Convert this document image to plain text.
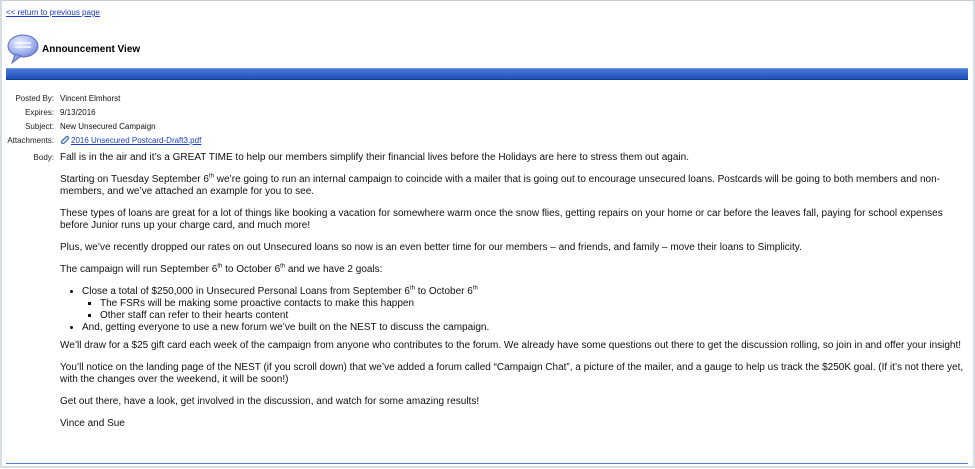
<< return to previous page
Announcement View
Posted By: Vincent Elmhorst
Expires: 9/13/2016
Subject: New Unsecured Campaign
Attachments:	2016 Unsecured Postcard-Draft3.pdf
Body: Fall is in the air and it’s a GREAT TIME to help our members simplify their financial lives before the Holidays are here to stress them out again.

Starting on Tuesday September 6th we’re going to run an internal campaign to coincide with a mailer that is going out to encourage unsecured loans. Postcards will be going to both members and non-members, and we’ve attached an example for you to see.

These types of loans are great for a lot of things like booking a vacation for somewhere warm once the snow flies, getting repairs on your home or car before the leaves fall, paying for school expenses before Junior runs up your charge card, and much more!

Plus, we’ve recently dropped our rates on out Unsecured loans so now is an even better time for our members – and friends, and family – move their loans to Simplicity.

The campaign will run September 6th to October 6th and we have 2 goals:

• Close a total of $250,000 in Unsecured Personal Loans from September 6th to October 6th
▪ The FSRs will be making some proactive contacts to make this happen
▪ Other staff can refer to their hearts content
• And, getting everyone to use a new forum we’ve built on the NEST to discuss the campaign.

We’ll draw for a $25 gift card each week of the campaign from anyone who contributes to the forum. We already have some questions out there to get the discussion rolling, so join in and offer your insight!

You’ll notice on the landing page of the NEST (if you scroll down) that we’ve added a forum called “Campaign Chat”, a picture of the mailer, and a gauge to help us track the $250K goal. (If it’s not there yet, with the changes over the weekend, it will be soon!)

Get out there, have a look, get involved in the discussion, and watch for some amazing results!

Vince and Sue
